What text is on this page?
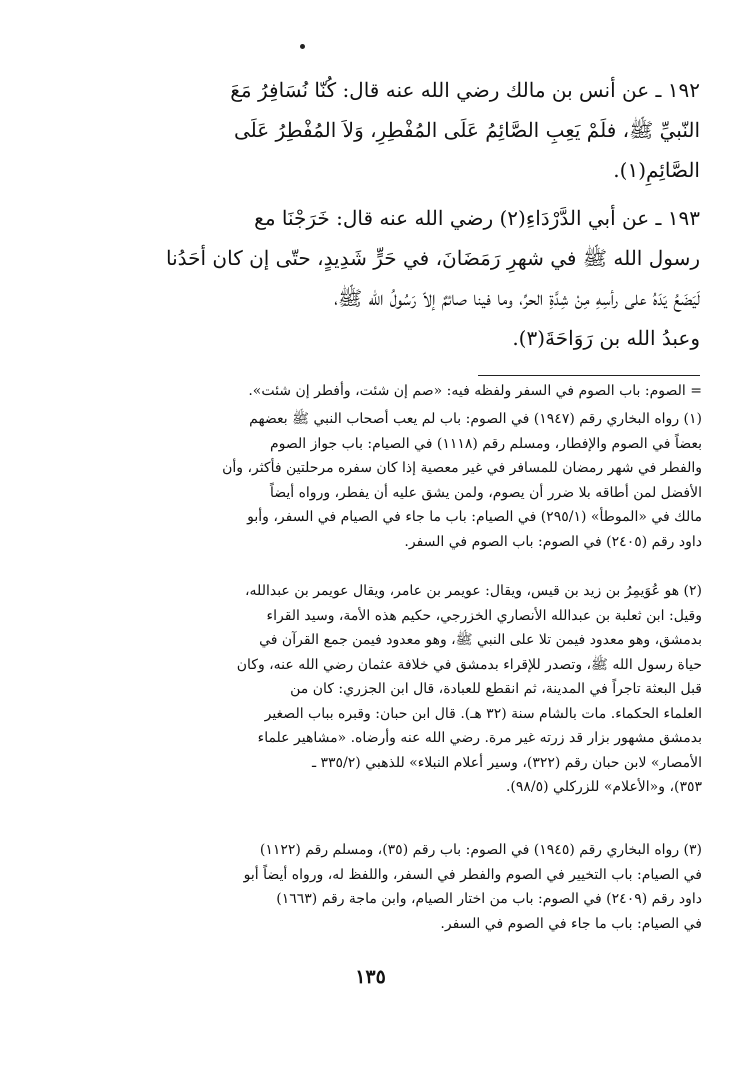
١٩٢ ـ عن أنس بن مالك رضي الله عنه قال: كُنّا نُسَافِرُ مَعَ
النّبيِّ ﷺ، فلَمْ يَعِبِ الصَّائِمُ عَلَى المُفْطِرِ، وَلاَ المُفْطِرُ عَلَى
الصَّائِمِ(١).
١٩٣ ـ عن أبي الدَّرْدَاءِ(٢) رضي الله عنه قال: خَرَجْنَا مع
رسول الله ﷺ في شهرِ رَمَضَانَ، في حَرٍّ شَدِيدٍ، حتّى إن كان أحَدُنا
لَيَضَعُ يَدَهُ على رأسِهِ مِنْ شِدَّةِ الحرِّ، وما فينا صائمٌ إلاّ رَسُولُ الله ﷺ،
وعبدُ الله بن رَوَاحَةَ(٣).
= الصوم: باب الصوم في السفر ولفظه فيه: «صم إن شئت، وأفطر إن شئت».
(١) رواه البخاري رقم (١٩٤٧) في الصوم: باب لم يعب أصحاب النبي ﷺ بعضهم
بعضاً في الصوم والإفطار، ومسلم رقم (١١١٨) في الصيام: باب جواز الصوم
والفطر في شهر رمضان للمسافر في غير معصية إذا كان سفره مرحلتين فأكثر، وأن
الأفضل لمن أطاقه بلا ضرر أن يصوم، ولمن يشق عليه أن يفطر، ورواه أيضاً
مالك في «الموطأ» (٢٩٥/١) في الصيام: باب ما جاء في الصيام في السفر، وأبو
داود رقم (٢٤٠٥) في الصوم: باب الصوم في السفر.
(٢) هو عُوَيمِرُ بن زيد بن قيس، ويقال: عويمر بن عامر، ويقال عويمر بن عبدالله،
وقيل: ابن ثعلبة بن عبدالله الأنصاري الخزرجي، حكيم هذه الأمة، وسيد القراء
بدمشق، وهو معدود فيمن تلا على النبي ﷺ، وهو معدود فيمن جمع القرآن في
حياة رسول الله ﷺ، وتصدر للإقراء بدمشق في خلافة عثمان رضي الله عنه، وكان
قبل البعثة تاجراً في المدينة، ثم انقطع للعبادة، قال ابن الجزري: كان من
العلماء الحكماء. مات بالشام سنة (٣٢ هـ). قال ابن حبان: وقبره بباب الصغير
بدمشق مشهور بزار قد زرته غير مرة. رضي الله عنه وأرضاه. «مشاهير علماء
الأمصار» لابن حبان رقم (٣٢٢)، وسير أعلام النبلاء» للذهبي (٣٣٥/٢ ـ
٣٥٣)، و«الأعلام» للزركلي (٩٨/٥).
(٣) رواه البخاري رقم (١٩٤٥) في الصوم: باب رقم (٣٥)، ومسلم رقم (١١٢٢)
في الصيام: باب التخيير في الصوم والفطر في السفر، واللفظ له، ورواه أيضاً أبو
داود رقم (٢٤٠٩) في الصوم: باب من اختار الصيام، وابن ماجة رقم (١٦٦٣)
في الصيام: باب ما جاء في الصوم في السفر.
١٣٥
